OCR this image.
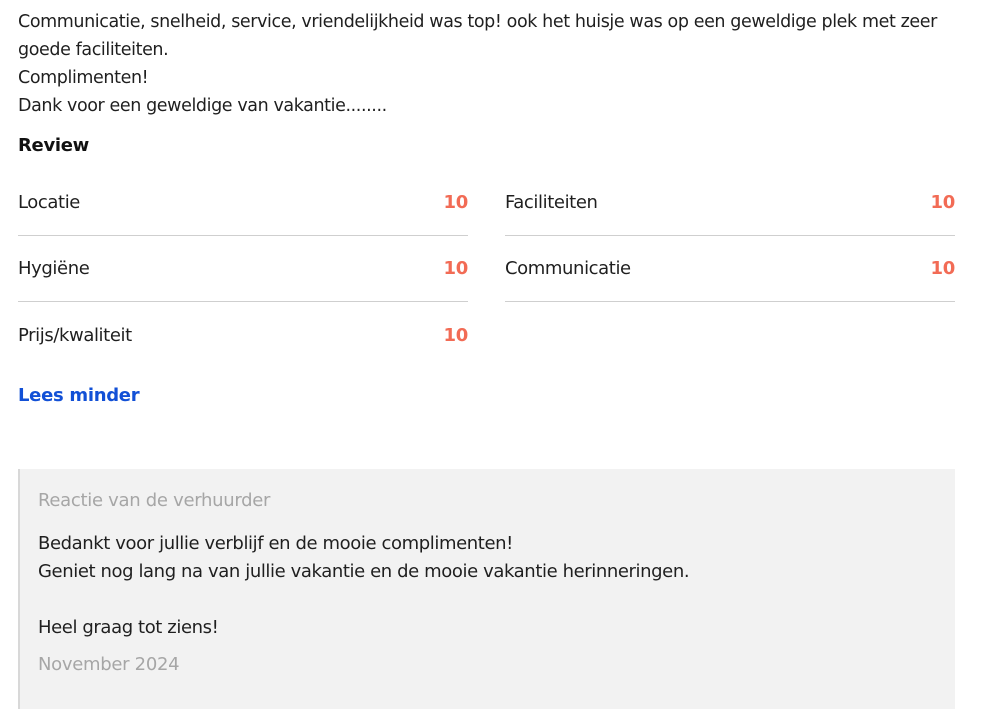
Communicatie, snelheid, service, vriendelijkheid was top! ook het huisje was op een geweldige plek met zeer goede faciliteiten.

Complimenten!

Dank voor een geweldige van vakantie........

Review
Locatie	10 Faciliteiten	10
Hygiëne	10 Communicatie	10
Prijs/kwaliteit	10
Lees minder
Reactie van de verhuurder

Bedankt voor jullie verblijf en de mooie complimenten!

Geniet nog lang na van jullie vakantie en de mooie vakantie herinneringen.

Heel graag tot ziens!

November 2024
